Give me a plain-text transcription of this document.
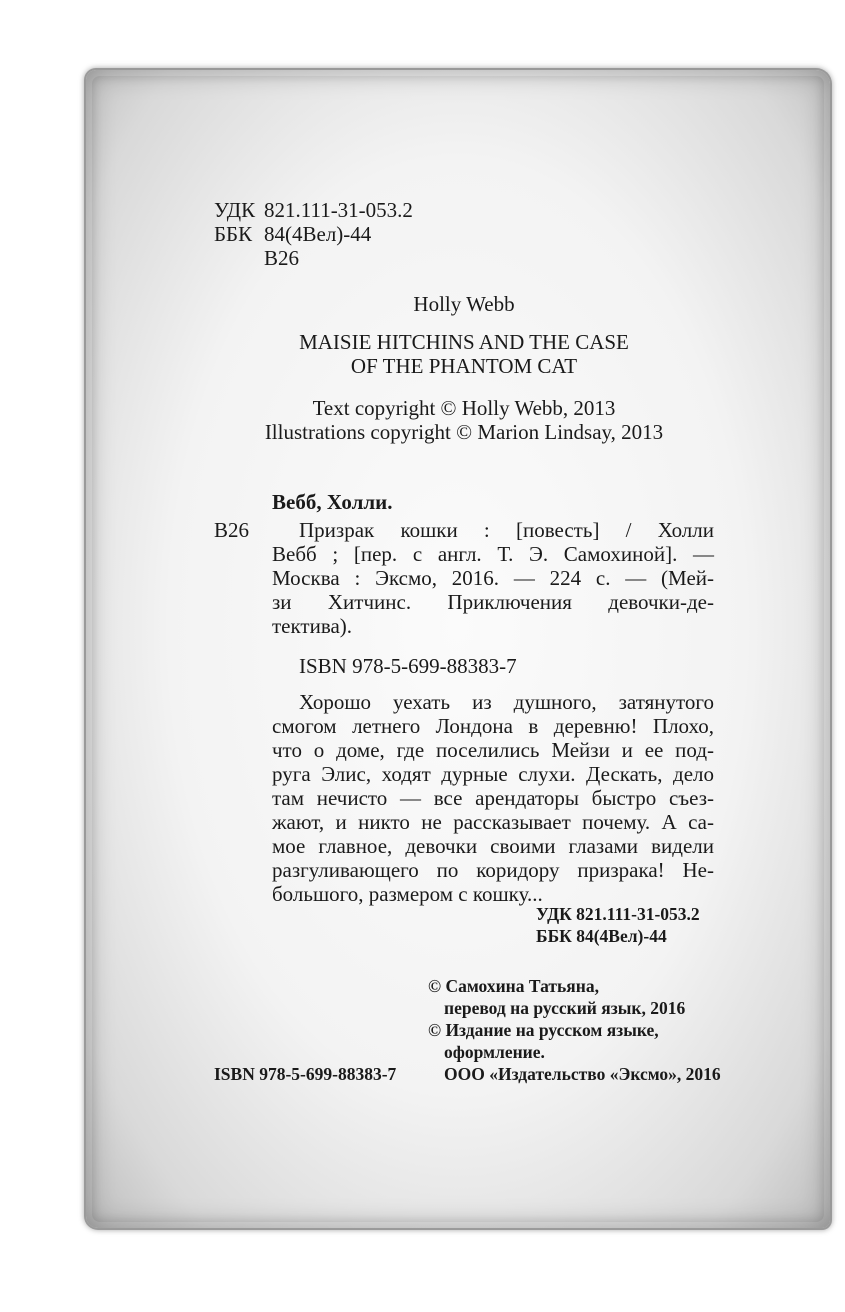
УДК 821.111-31-053.2
ББК 84(4Вел)-44
В26
Holly Webb
MAISIE HITCHINS AND THE CASE
OF THE PHANTOM CAT
Text copyright © Holly Webb, 2013
Illustrations copyright © Marion Lindsay, 2013
Вебб, Холли.
В26 Призрак кошки : [повесть] / Холли
Вебб ; [пер. с англ. Т. Э. Самохиной]. —
Москва : Эксмо, 2016. — 224 с. — (Мей-
зи Хитчинс. Приключения девочки-де-
тектива).
ISBN 978-5-699-88383-7
Хорошо уехать из душного, затянутого
смогом летнего Лондона в деревню! Плохо,
что о доме, где поселились Мейзи и ее под-
руга Элис, ходят дурные слухи. Дескать, дело
там нечисто — все арендаторы быстро съез-
жают, и никто не рассказывает почему. А са-
мое главное, девочки своими глазами видели
разгуливающего по коридору призрака! Не-
большого, размером с кошку...
УДК 821.111-31-053.2
ББК 84(4Вел)-44
© Самохина Татьяна,
перевод на русский язык, 2016
© Издание на русском языке,
оформление.
ООО «Издательство «Эксмо», 2016
ISBN 978-5-699-88383-7
